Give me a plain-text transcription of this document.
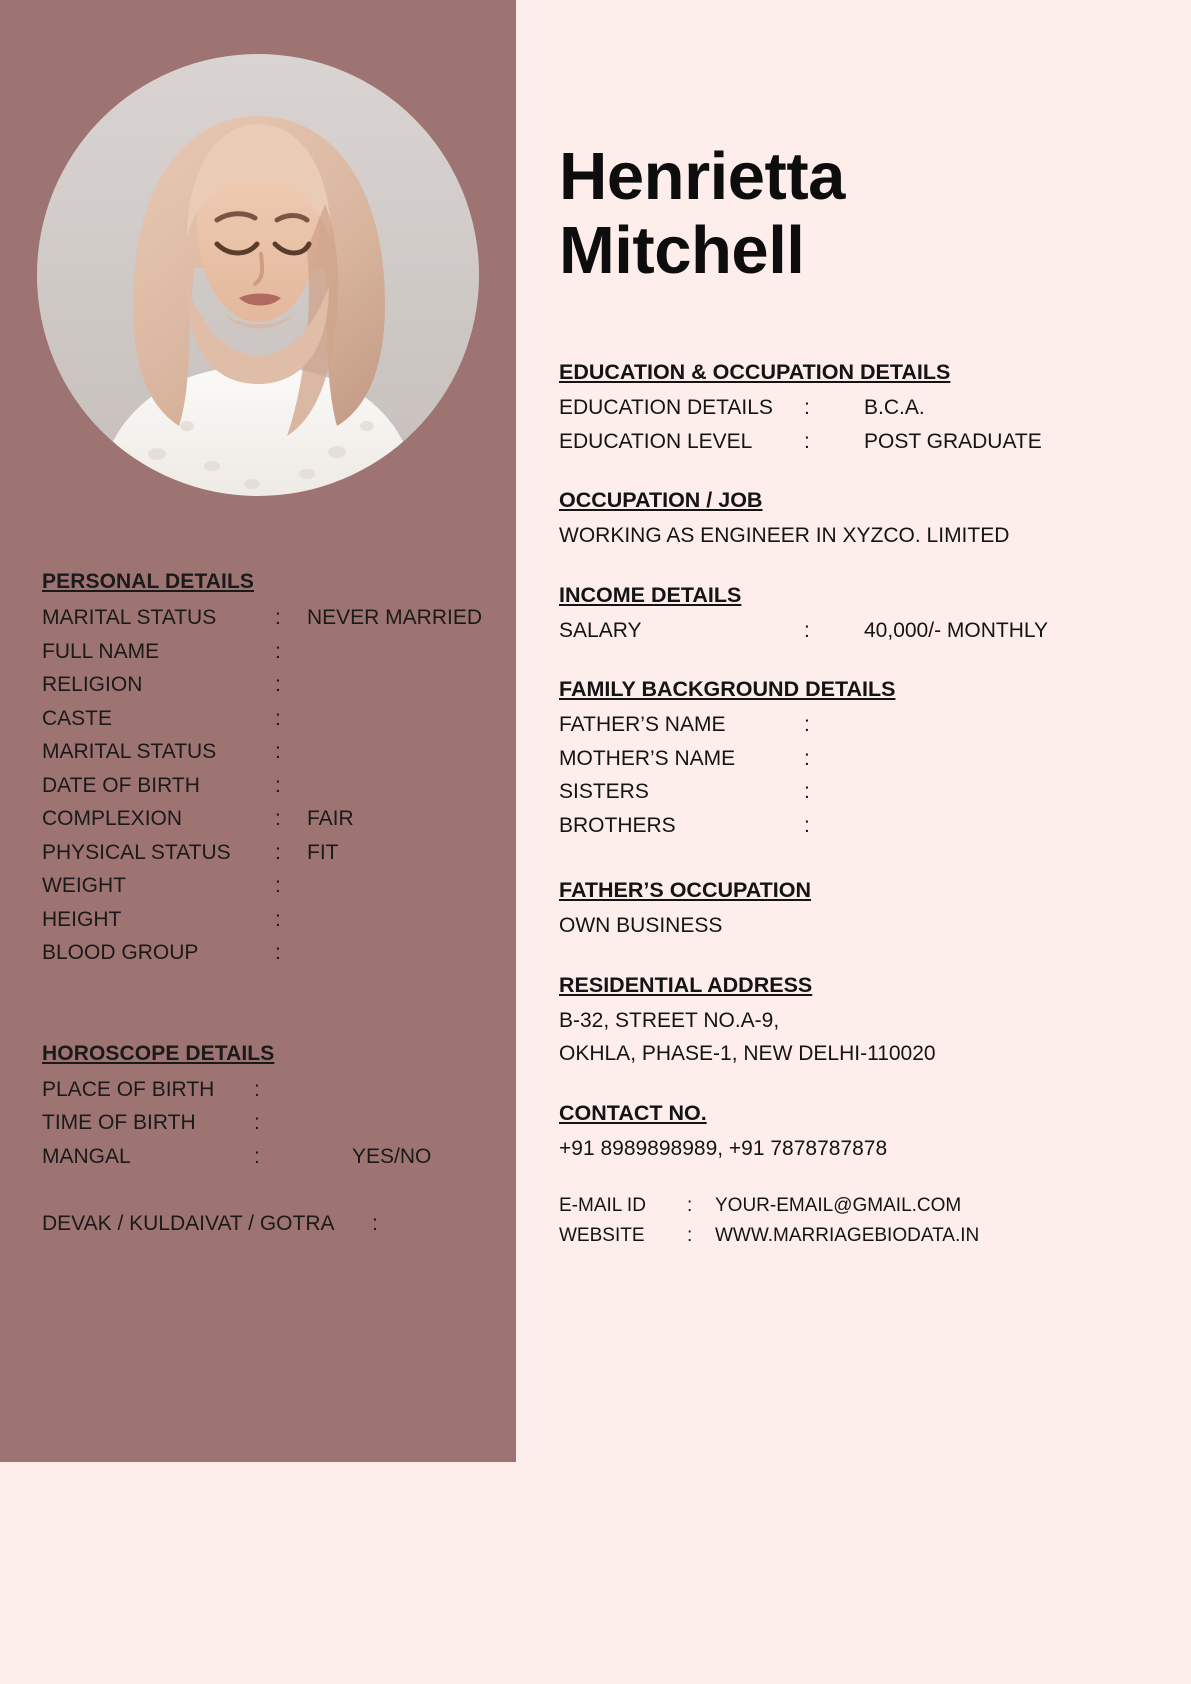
PERSONAL DETAILS
MARITAL STATUS	:	NEVER MARRIED
FULL NAME	:
RELIGION	:
CASTE	:
MARITAL STATUS	:
DATE OF BIRTH	:
COMPLEXION	:	FAIR
PHYSICAL STATUS	:	FIT
WEIGHT	:
HEIGHT	:
BLOOD GROUP	:
HOROSCOPE DETAILS
PLACE OF BIRTH	:
TIME OF BIRTH	:
MANGAL	:	YES/NO
DEVAK / KULDAIVAT / GOTRA	:
Henrietta
Mitchell
EDUCATION & OCCUPATION DETAILS
EDUCATION DETAILS	:	B.C.A.
EDUCATION LEVEL	:	POST GRADUATE
OCCUPATION / JOB
WORKING AS ENGINEER IN XYZCO. LIMITED
INCOME DETAILS
SALARY	:	40,000/- MONTHLY
FAMILY BACKGROUND DETAILS
FATHER’S NAME	:
MOTHER’S NAME	:
SISTERS	:
BROTHERS	:
FATHER’S OCCUPATION
OWN BUSINESS
RESIDENTIAL ADDRESS
B-32, STREET NO.A-9,
OKHLA, PHASE-1, NEW DELHI-110020
CONTACT NO.
+91 8989898989, +91 7878787878
E-MAIL ID	:	YOUR-EMAIL@GMAIL.COM
WEBSITE	:	WWW.MARRIAGEBIODATA.IN
